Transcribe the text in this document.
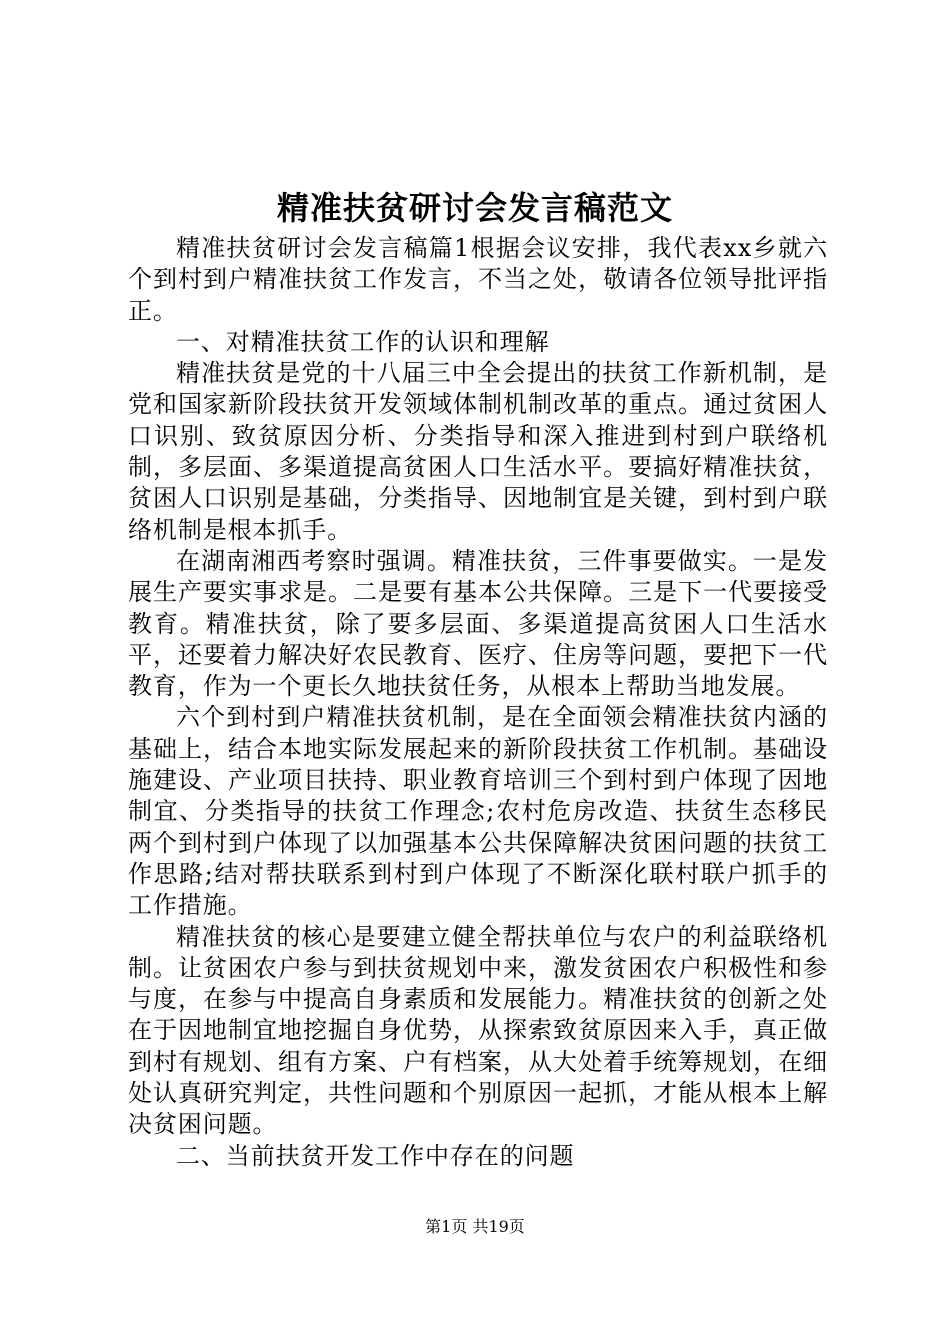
精准扶贫研讨会发言稿范文

精准扶贫研讨会发言稿篇1根据会议安排，我代表xx乡就六个到村到户精准扶贫工作发言，不当之处，敬请各位领导批评指正。

一、对精准扶贫工作的认识和理解

精准扶贫是党的十八届三中全会提出的扶贫工作新机制，是党和国家新阶段扶贫开发领域体制机制改革的重点。通过贫困人口识别、致贫原因分析、分类指导和深入推进到村到户联络机制，多层面、多渠道提高贫困人口生活水平。要搞好精准扶贫，贫困人口识别是基础，分类指导、因地制宜是关键，到村到户联络机制是根本抓手。

在湖南湘西考察时强调。精准扶贫，三件事要做实。一是发展生产要实事求是。二是要有基本公共保障。三是下一代要接受教育。精准扶贫，除了要多层面、多渠道提高贫困人口生活水平，还要着力解决好农民教育、医疗、住房等问题，要把下一代教育，作为一个更长久地扶贫任务，从根本上帮助当地发展。

六个到村到户精准扶贫机制，是在全面领会精准扶贫内涵的基础上，结合本地实际发展起来的新阶段扶贫工作机制。基础设施建设、产业项目扶持、职业教育培训三个到村到户体现了因地制宜、分类指导的扶贫工作理念;农村危房改造、扶贫生态移民两个到村到户体现了以加强基本公共保障解决贫困问题的扶贫工作思路;结对帮扶联系到村到户体现了不断深化联村联户抓手的工作措施。

精准扶贫的核心是要建立健全帮扶单位与农户的利益联络机制。让贫困农户参与到扶贫规划中来，激发贫困农户积极性和参与度，在参与中提高自身素质和发展能力。精准扶贫的创新之处在于因地制宜地挖掘自身优势，从探索致贫原因来入手，真正做到村有规划、组有方案、户有档案，从大处着手统筹规划，在细处认真研究判定，共性问题和个别原因一起抓，才能从根本上解决贫困问题。

二、当前扶贫开发工作中存在的问题

第1页 共19页
